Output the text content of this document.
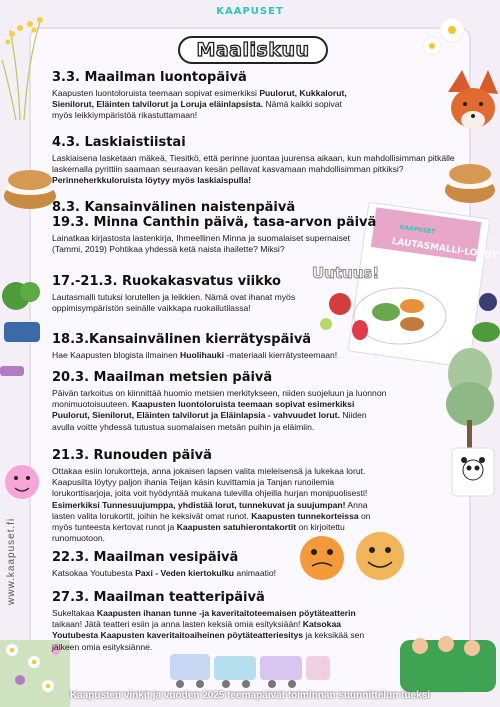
KAAPUSET
LAUTASMALLI-LORUT
KAAPUSET
Maaliskuu
Uutuus!
www.kaapuset.fi
3.3. Maailman luontopäivä

Kaapusten luontoloruista teemaan sopivat esimerkiksi Puulorut, Kukkalorut, Sienilorut, Eläinten talvilorut ja Loruja eläinlapsista. Nämä kaikki sopivat myös leikkiympäristöä rikastuttamaan!

4.3. Laskiaistiistai

Laskiaisena lasketaan mäkeä, Tiesitkö, että perinne juontaa juurensa aikaan, kun mahdollisimman pitkälle laskemalla pyrittiin saamaan seuraavan kesän pellavat kasvamaan mahdollisimman pitkiksi? Perinneherkkuloruista löytyy myös laskiaispulla!

8.3. Kansainvälinen naistenpäivä
19.3. Minna Canthin päivä, tasa-arvon päivä

Lainatkaa kirjastosta lastenkirja, Ihmeellinen Minna ja suomalaiset supernaiset (Tammi, 2019) Pohtikaa yhdessä ketä naista ihailette? Miksi?

17.-21.3. Ruokakasvatus viikko

Lautasmalli tutuksi lorutellen ja leikkien. Nämä ovat ihanat myös oppimisympäristön seinälle vaikkapa ruokailutilassa!

18.3.Kansainvälinen kierrätyspäivä

Hae Kaapusten blogista ilmainen Huolihauki -materiaali kierrätysteemaan!

20.3. Maailman metsien päivä

Päivän tarkoitus on kiinnittää huomio metsien merkitykseen, niiden suojeluun ja luonnon monimuotoisuuteen. Kaapusten luontoloruista teemaan sopivat esimerkiksi Puulorut, Sienilorut, Eläinten talvilorut ja Eläinlapsia - vahvuudet lorut. Niiden avulla voitte yhdessä tutustua suomalaisen metsän puihin ja eläimiin.

21.3. Runouden päivä

Ottakaa esiin lorukortteja, anna jokaisen lapsen valita mieleisensä ja lukekaa lorut. Kaapusilta löytyy paljon ihania Teijan käsin kuvittamia ja Tanjan runoilemia lorukorttisarjoja, joita voit hyödyntää mukana tulevilla ohjeilla hurjan monipuolisesti! Esimerkiksi Tunnesuujumppa, yhdistää lorut, tunnekuvat ja suujumpan! Anna lasten valita lorukortit, joihin he keksivät omat runot. Kaapusten tunnekorteissa on myös tunteesta kertovat runot ja Kaapusten satuhierontakortit on kirjoitettu runomuotoon.

22.3. Maailman vesipäivä

Katsokaa Youtubesta Paxi - Veden kiertokulku animaatio!

27.3. Maailman teatteripäivä

Sukeltakaa Kaapusten ihanan tunne -ja kaveritaitoteemaisen pöytäteatterin taikaan! Jätä teatteri esiin ja anna lasten keksiä omia esityksiään! Katsokaa Youtubesta Kaapusten kaveritaitoaiheinen pöytäteatteriesitys ja keksikää sen jälkeen omia esityksiänne.

Kaapusten vinkit ja vuoden 2025 teemapäivät toiminnan suunnittelun tueksi
